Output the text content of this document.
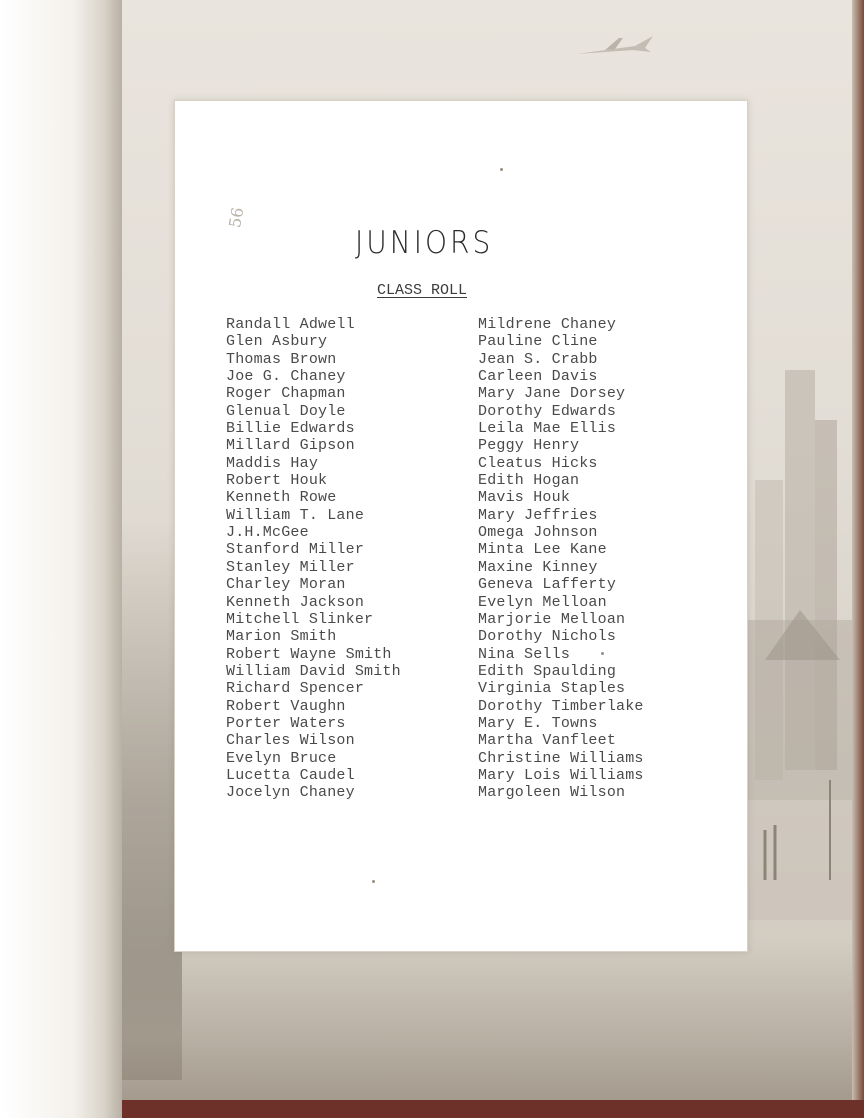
56
JUNIORS
CLASS ROLL
Randall Adwell
Glen Asbury
Thomas Brown
Joe G. Chaney
Roger Chapman
Glenual Doyle
Billie Edwards
Millard Gipson
Maddis Hay
Robert Houk
Kenneth Rowe
William T. Lane
J.H.McGee
Stanford Miller
Stanley Miller
Charley Moran
Kenneth Jackson
Mitchell Slinker
Marion Smith
Robert Wayne Smith
William David Smith
Richard Spencer
Robert Vaughn
Porter Waters
Charles Wilson
Evelyn Bruce
Lucetta Caudel
Jocelyn Chaney
Mildrene Chaney
Pauline Cline
Jean S. Crabb
Carleen Davis
Mary Jane Dorsey
Dorothy Edwards
Leila Mae Ellis
Peggy Henry
Cleatus Hicks
Edith Hogan
Mavis Houk
Mary Jeffries
Omega Johnson
Minta Lee Kane
Maxine Kinney
Geneva Lafferty
Evelyn Melloan
Marjorie Melloan
Dorothy Nichols
Nina Sells
Edith Spaulding
Virginia Staples
Dorothy Timberlake
Mary E. Towns
Martha Vanfleet
Christine Williams
Mary Lois Williams
Margoleen Wilson
